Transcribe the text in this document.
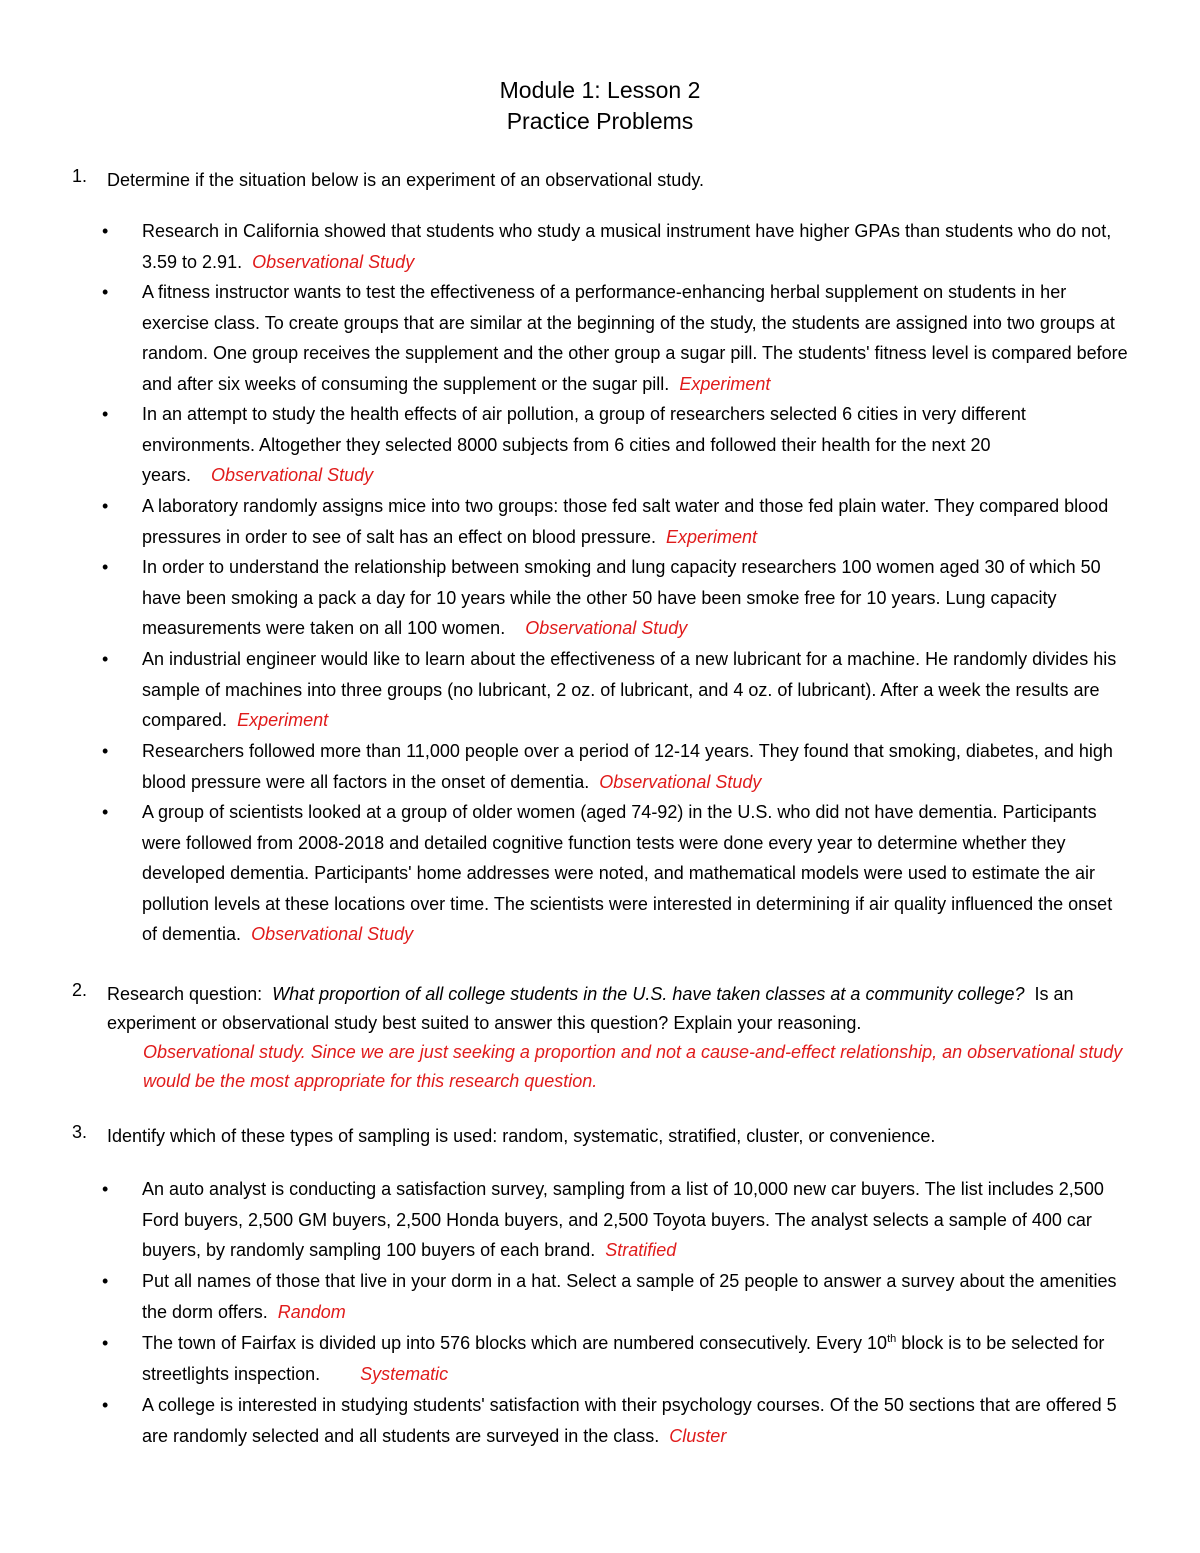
Module 1: Lesson 2
Practice Problems
1.	Determine if the situation below is an experiment of an observational study.
• Research in California showed that students who study a musical instrument have higher GPAs than students who do not, 3.59 to 2.91. Observational Study
• A fitness instructor wants to test the effectiveness of a performance-enhancing herbal supplement on students in her exercise class. To create groups that are similar at the beginning of the study, the students are assigned into two groups at random. One group receives the supplement and the other group a sugar pill. The students' fitness level is compared before and after six weeks of consuming the supplement or the sugar pill. Experiment
• In an attempt to study the health effects of air pollution, a group of researchers selected 6 cities in very different environments. Altogether they selected 8000 subjects from 6 cities and followed their health for the next 20 years. Observational Study
• A laboratory randomly assigns mice into two groups: those fed salt water and those fed plain water. They compared blood pressures in order to see of salt has an effect on blood pressure. Experiment
• In order to understand the relationship between smoking and lung capacity researchers 100 women aged 30 of which 50 have been smoking a pack a day for 10 years while the other 50 have been smoke free for 10 years. Lung capacity measurements were taken on all 100 women. Observational Study
• An industrial engineer would like to learn about the effectiveness of a new lubricant for a machine. He randomly divides his sample of machines into three groups (no lubricant, 2 oz. of lubricant, and 4 oz. of lubricant). After a week the results are compared. Experiment
• Researchers followed more than 11,000 people over a period of 12-14 years. They found that smoking, diabetes, and high blood pressure were all factors in the onset of dementia. Observational Study
• A group of scientists looked at a group of older women (aged 74-92) in the U.S. who did not have dementia. Participants were followed from 2008-2018 and detailed cognitive function tests were done every year to determine whether they developed dementia. Participants' home addresses were noted, and mathematical models were used to estimate the air pollution levels at these locations over time. The scientists were interested in determining if air quality influenced the onset of dementia. Observational Study
2.	Research question: What proportion of all college students in the U.S. have taken classes at a community college? Is an experiment or observational study best suited to answer this question? Explain your reasoning.
Observational study. Since we are just seeking a proportion and not a cause-and-effect relationship, an observational study would be the most appropriate for this research question.
3.	Identify which of these types of sampling is used: random, systematic, stratified, cluster, or convenience.
• An auto analyst is conducting a satisfaction survey, sampling from a list of 10,000 new car buyers. The list includes 2,500 Ford buyers, 2,500 GM buyers, 2,500 Honda buyers, and 2,500 Toyota buyers. The analyst selects a sample of 400 car buyers, by randomly sampling 100 buyers of each brand. Stratified
• Put all names of those that live in your dorm in a hat. Select a sample of 25 people to answer a survey about the amenities the dorm offers. Random
• The town of Fairfax is divided up into 576 blocks which are numbered consecutively. Every 10th block is to be selected for streetlights inspection. Systematic
• A college is interested in studying students' satisfaction with their psychology courses. Of the 50 sections that are offered 5 are randomly selected and all students are surveyed in the class. Cluster
